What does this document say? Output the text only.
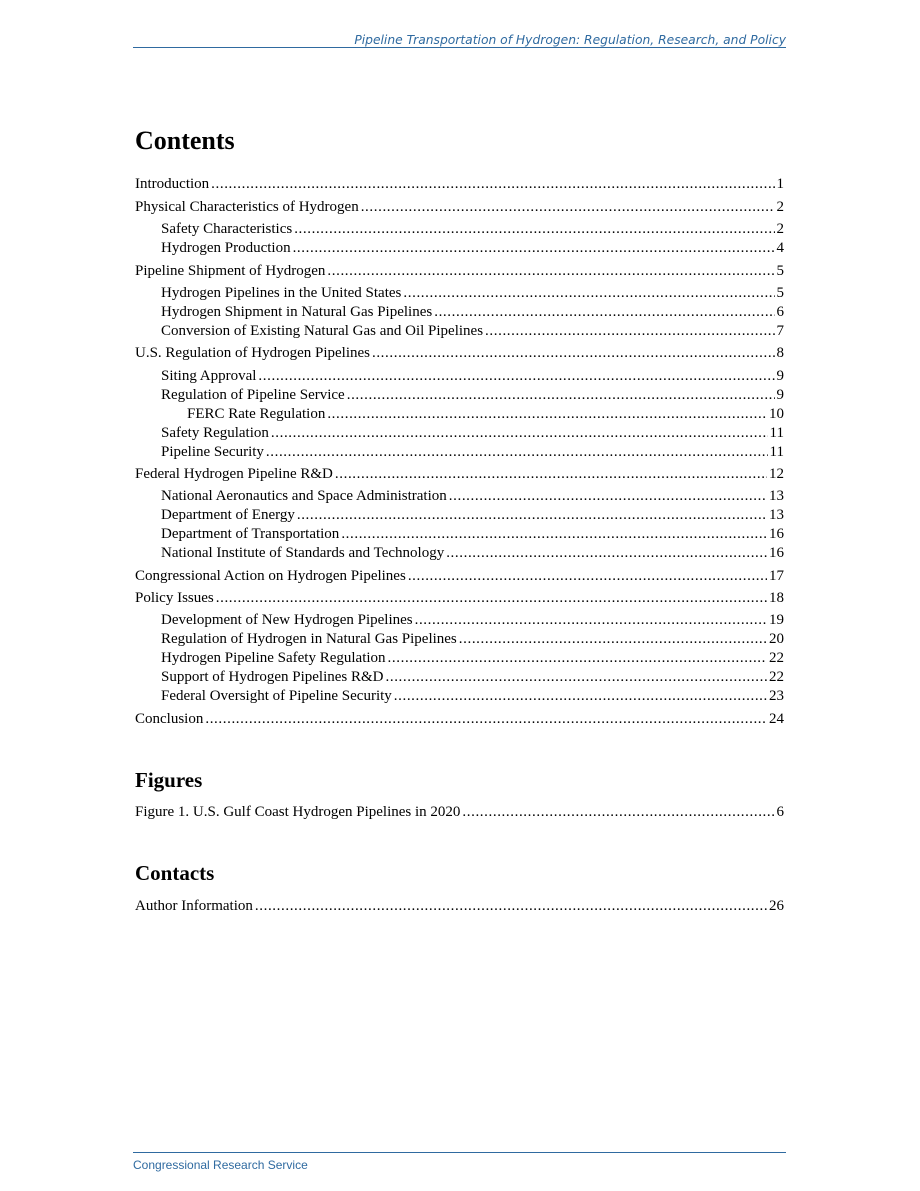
Pipeline Transportation of Hydrogen: Regulation, Research, and Policy
Contents
Introduction .....	1
Physical Characteristics of Hydrogen .....	2
Safety Characteristics .....	2
Hydrogen Production .....	4
Pipeline Shipment of Hydrogen .....	5
Hydrogen Pipelines in the United States .....	5
Hydrogen Shipment in Natural Gas Pipelines .....	6
Conversion of Existing Natural Gas and Oil Pipelines .....	7
U.S. Regulation of Hydrogen Pipelines .....	8
Siting Approval .....	9
Regulation of Pipeline Service .....	9
FERC Rate Regulation .....	10
Safety Regulation .....	11
Pipeline Security .....	11
Federal Hydrogen Pipeline R&D .....	12
National Aeronautics and Space Administration .....	13
Department of Energy .....	13
Department of Transportation .....	16
National Institute of Standards and Technology .....	16
Congressional Action on Hydrogen Pipelines .....	17
Policy Issues .....	18
Development of New Hydrogen Pipelines .....	19
Regulation of Hydrogen in Natural Gas Pipelines .....	20
Hydrogen Pipeline Safety Regulation .....	22
Support of Hydrogen Pipelines R&D .....	22
Federal Oversight of Pipeline Security .....	23
Conclusion .....	24
Figures
Figure 1. U.S. Gulf Coast Hydrogen Pipelines in 2020 .....	6
Contacts
Author Information .....	26
Congressional Research Service
